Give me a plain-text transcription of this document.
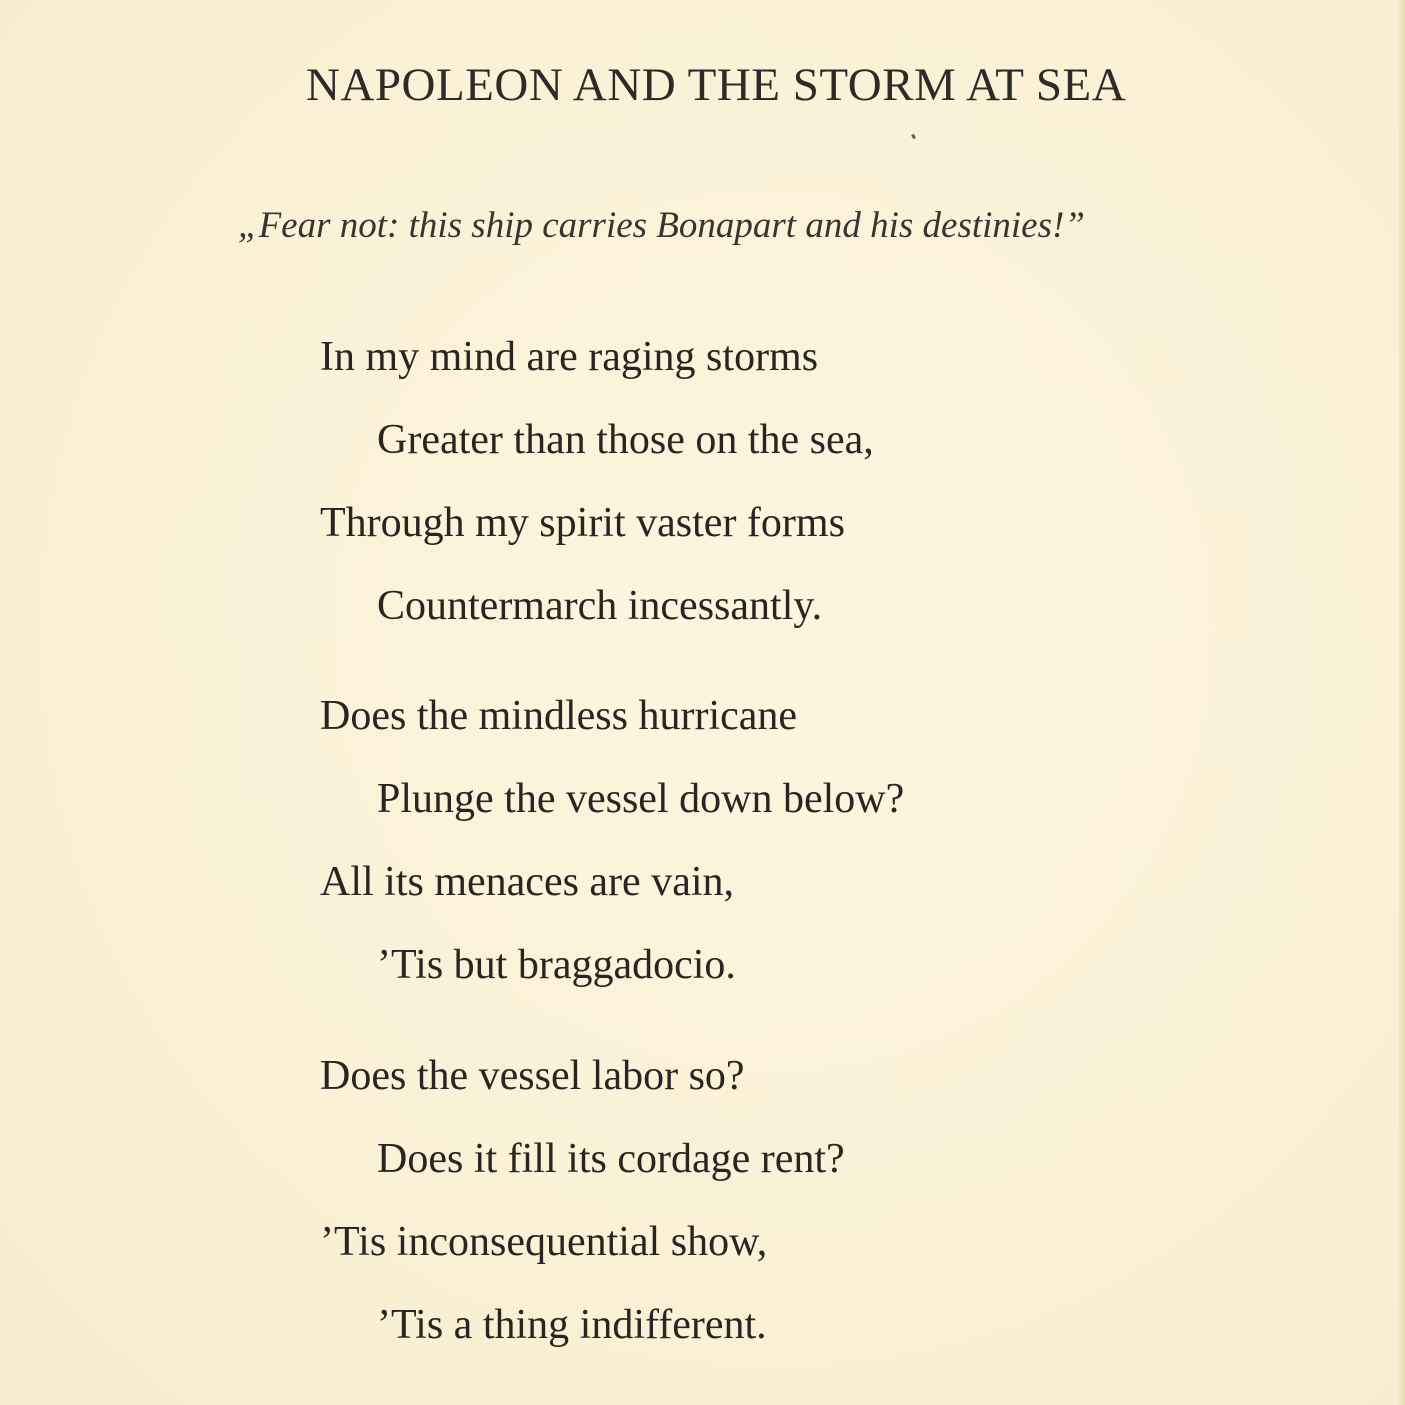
NAPOLEON AND THE STORM AT SEA
„Fear not: this ship carries Bonapart and his destinies!”
In my mind are raging storms
Greater than those on the sea,
Through my spirit vaster forms
Countermarch incessantly.
Does the mindless hurricane
Plunge the vessel down below?
All its menaces are vain,
’Tis but braggadocio.
Does the vessel labor so?
Does it fill its cordage rent?
’Tis inconsequential show,
’Tis a thing indifferent.
